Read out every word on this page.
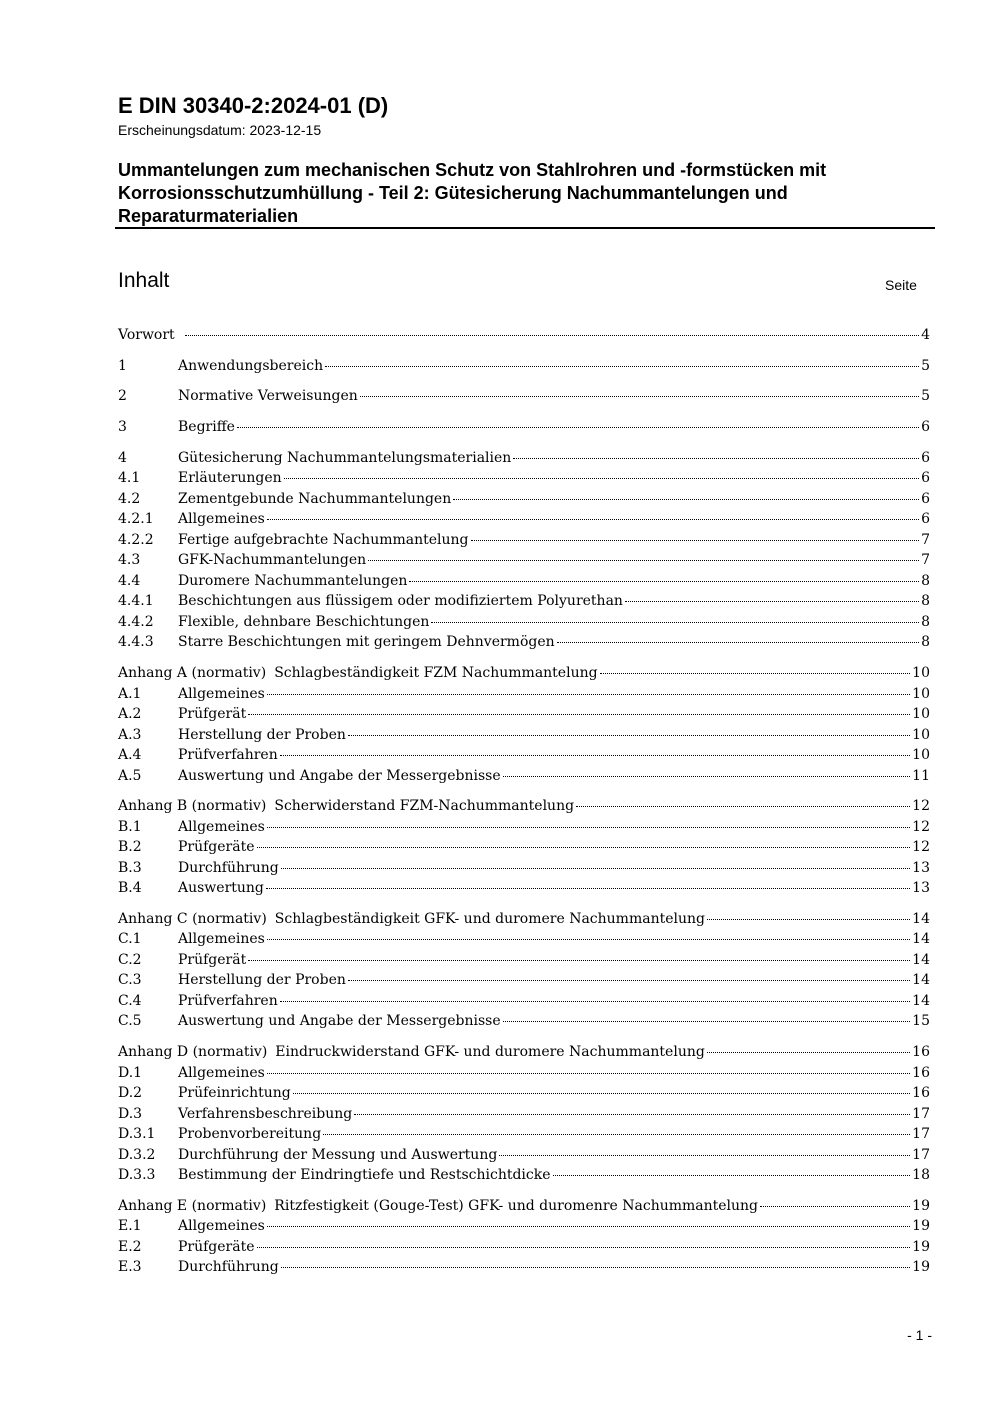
E DIN 30340-2:2024-01 (D)
Erscheinungsdatum: 2023-12-15
Ummantelungen zum mechanischen Schutz von Stahlrohren und -formstücken mit Korrosionsschutzumhüllung - Teil 2: Gütesicherung Nachummantelungen und Reparaturmaterialien
Inhalt	Seite
Vorwort	4
1	Anwendungsbereich	5
2	Normative Verweisungen	5
3	Begriffe	6
4	Gütesicherung Nachummantelungsmaterialien	6
4.1	Erläuterungen	6
4.2	Zementgebunde Nachummantelungen	6
4.2.1	Allgemeines	6
4.2.2	Fertige aufgebrachte Nachummantelung	7
4.3	GFK-Nachummantelungen	7
4.4	Duromere Nachummantelungen	8
4.4.1	Beschichtungen aus flüssigem oder modifiziertem Polyurethan	8
4.4.2	Flexible, dehnbare Beschichtungen	8
4.4.3	Starre Beschichtungen mit geringem Dehnvermögen	8
Anhang A (normativ) Schlagbeständigkeit FZM Nachummantelung	10
A.1	Allgemeines	10
A.2	Prüfgerät	10
A.3	Herstellung der Proben	10
A.4	Prüfverfahren	10
A.5	Auswertung und Angabe der Messergebnisse	11
Anhang B (normativ) Scherwiderstand FZM-Nachummantelung	12
B.1	Allgemeines	12
B.2	Prüfgeräte	12
B.3	Durchführung	13
B.4	Auswertung	13
Anhang C (normativ) Schlagbeständigkeit GFK- und duromere Nachummantelung	14
C.1	Allgemeines	14
C.2	Prüfgerät	14
C.3	Herstellung der Proben	14
C.4	Prüfverfahren	14
C.5	Auswertung und Angabe der Messergebnisse	15
Anhang D (normativ) Eindruckwiderstand GFK- und duromere Nachummantelung	16
D.1	Allgemeines	16
D.2	Prüfeinrichtung	16
D.3	Verfahrensbeschreibung	17
D.3.1	Probenvorbereitung	17
D.3.2	Durchführung der Messung und Auswertung	17
D.3.3	Bestimmung der Eindringtiefe und Restschichtdicke	18
Anhang E (normativ) Ritzfestigkeit (Gouge-Test) GFK- und duromenre Nachummantelung	19
E.1	Allgemeines	19
E.2	Prüfgeräte	19
E.3	Durchführung	19
- 1 -
